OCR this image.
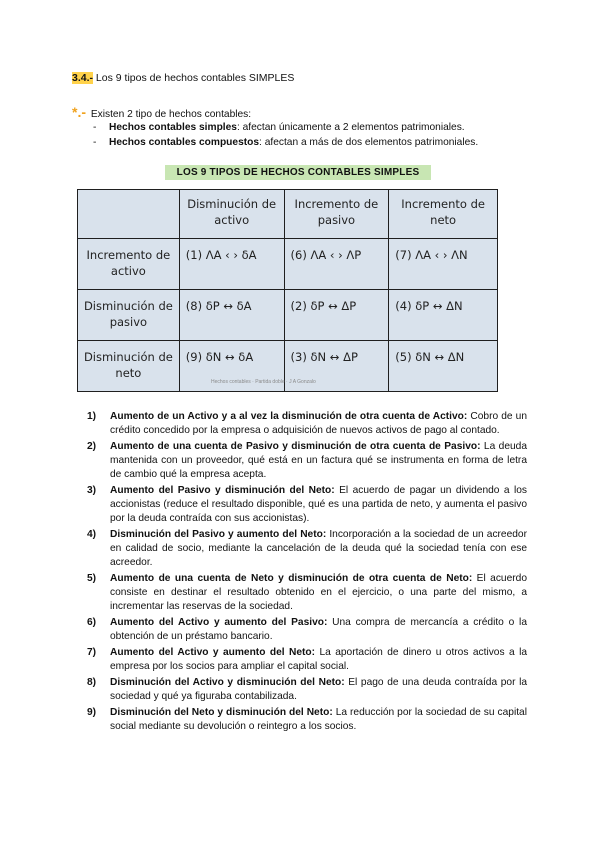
3.4.- Los 9 tipos de hechos contables SIMPLES
*.- Existen 2 tipo de hechos contables:
- Hechos contables simples: afectan únicamente a 2 elementos patrimoniales.
- Hechos contables compuestos: afectan a más de dos elementos patrimoniales.
LOS 9 TIPOS DE HECHOS CONTABLES SIMPLES
	Disminución de activo	Incremento de pasivo	Incremento de neto
Incremento de activo	(1) ΛA ‹ › δA	(6) ΛA ‹ › ΛP	(7) ΛA ‹ › ΛN
Disminución de pasivo	(8) δP ↔ δA	(2) δP ↔ ΔP	(4) δP ↔ ΔN
Disminución de neto	(9) δN ↔ δA	(3) δN ↔ ΔP	(5) δN ↔ ΔN
Hechos contables · Partida doble · J A Gonzalo
1) Aumento de un Activo y a al vez la disminución de otra cuenta de Activo: Cobro de un crédito concedido por la empresa o adquisición de nuevos activos de pago al contado.
2) Aumento de una cuenta de Pasivo y disminución de otra cuenta de Pasivo: La deuda mantenida con un proveedor, qué está en un factura qué se instrumenta en forma de letra de cambio qué la empresa acepta.
3) Aumento del Pasivo y disminución del Neto: El acuerdo de pagar un dividendo a los accionistas (reduce el resultado disponible, qué es una partida de neto, y aumenta el pasivo por la deuda contraída con sus accionistas).
4) Disminución del Pasivo y aumento del Neto: Incorporación a la sociedad de un acreedor en calidad de socio, mediante la cancelación de la deuda qué la sociedad tenía con ese acreedor.
5) Aumento de una cuenta de Neto y disminución de otra cuenta de Neto: El acuerdo consiste en destinar el resultado obtenido en el ejercicio, o una parte del mismo, a incrementar las reservas de la sociedad.
6) Aumento del Activo y aumento del Pasivo: Una compra de mercancía a crédito o la obtención de un préstamo bancario.
7) Aumento del Activo y aumento del Neto: La aportación de dinero u otros activos a la empresa por los socios para ampliar el capital social.
8) Disminución del Activo y disminución del Neto: El pago de una deuda contraída por la sociedad y qué ya figuraba contabilizada.
9) Disminución del Neto y disminución del Neto: La reducción por la sociedad de su capital social mediante su devolución o reintegro a los socios.
